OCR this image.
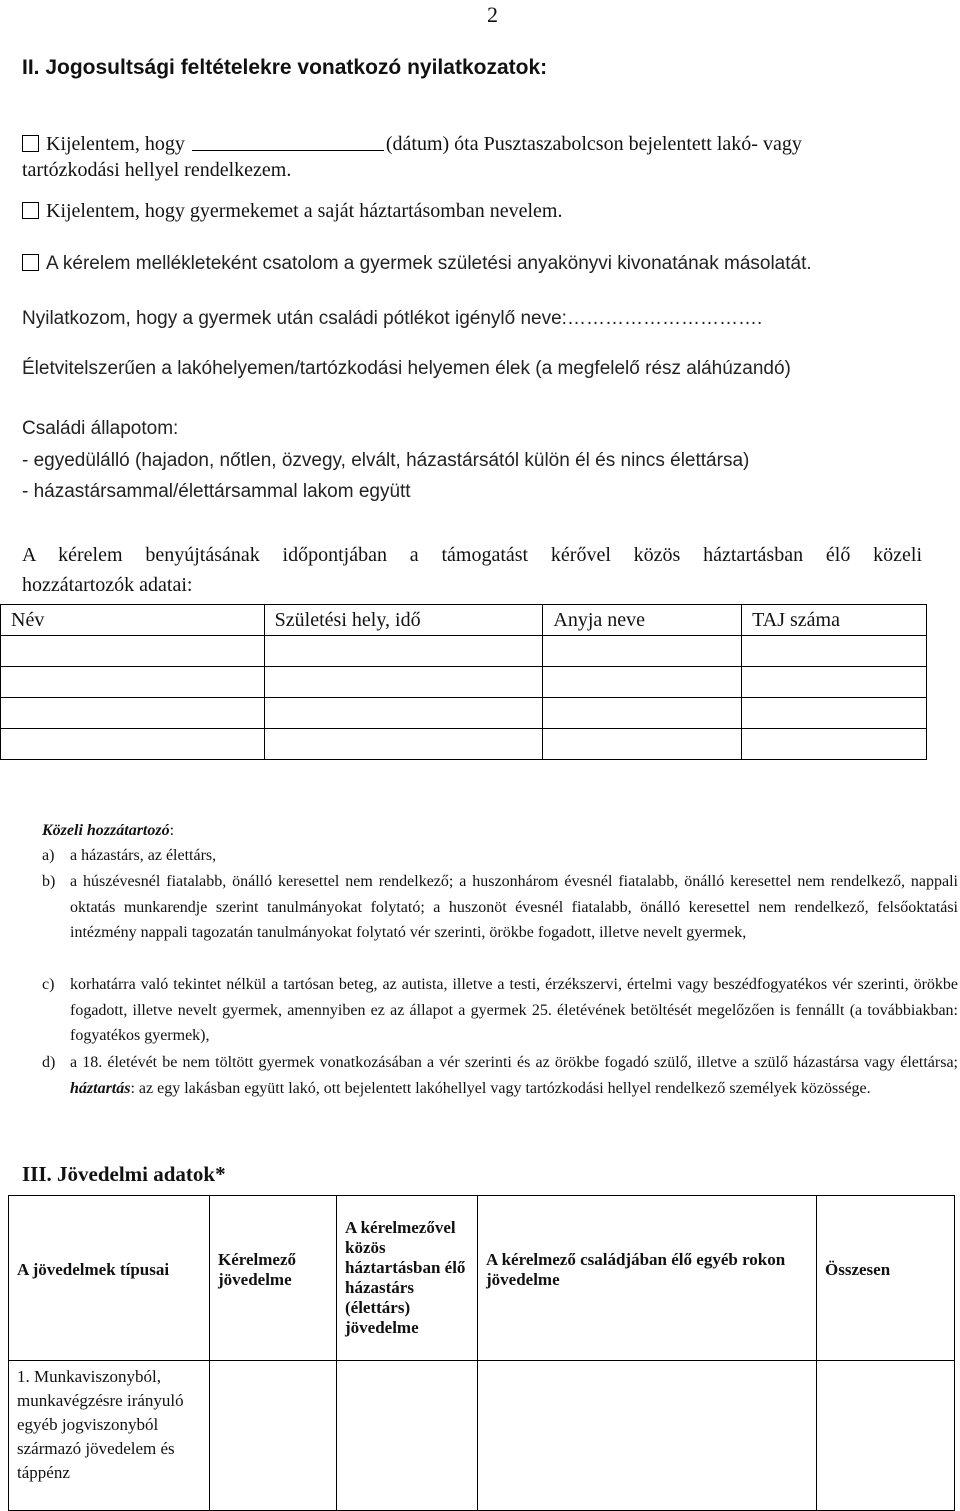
2
II. Jogosultsági feltételekre vonatkozó nyilatkozatok:
Kijelentem, hogy	(dátum) óta Pusztaszabolcson bejelentett lakó- vagy
tartózkodási hellyel rendelkezem.
Kijelentem, hogy gyermekemet a saját háztartásomban nevelem.
A kérelem mellékleteként csatolom a gyermek születési anyakönyvi kivonatának másolatát.
Nyilatkozom, hogy a gyermek után családi pótlékot igénylő neve:………………………….
Életvitelszerűen a lakóhelyemen/tartózkodási helyemen élek (a megfelelő rész aláhúzandó)
Családi állapotom:
- egyedülálló (hajadon, nőtlen, özvegy, elvált, házastársától külön él és nincs élettársa)
- házastársammal/élettársammal lakom együtt
A kérelem benyújtásának időpontjában a támogatást kérővel közös háztartásban élő közeli
hozzátartozók adatai:
Név	Születési hely, idő	Anyja neve	TAJ száma

Közeli hozzátartozó:
a) a házastárs, az élettárs,
b) a húszévesnél fiatalabb, önálló keresettel nem rendelkező; a huszonhárom évesnél fiatalabb, önálló keresettel nem rendelkező, nappali oktatás munkarendje szerint tanulmányokat folytató; a huszonöt évesnél fiatalabb, önálló keresettel nem rendelkező, felsőoktatási intézmény nappali tagozatán tanulmányokat folytató vér szerinti, örökbe fogadott, illetve nevelt gyermek,
c) korhatárra való tekintet nélkül a tartósan beteg, az autista, illetve a testi, érzékszervi, értelmi vagy beszédfogyatékos vér szerinti, örökbe fogadott, illetve nevelt gyermek, amennyiben ez az állapot a gyermek 25. életévének betöltését megelőzően is fennállt (a továbbiakban: fogyatékos gyermek),
d) a 18. életévét be nem töltött gyermek vonatkozásában a vér szerinti és az örökbe fogadó szülő, illetve a szülő házastársa vagy élettársa; háztartás: az egy lakásban együtt lakó, ott bejelentett lakóhellyel vagy tartózkodási hellyel rendelkező személyek közössége.
III. Jövedelmi adatok*
A jövedelmek típusai	Kérelmező jövedelme	A kérelmezővel közös háztartásban élő házastárs (élettárs) jövedelme	A kérelmező családjában élő egyéb rokon jövedelme	Összesen
1. Munkaviszonyból, munkavégzésre irányuló egyéb jogviszonyból származó jövedelem és táppénz				
